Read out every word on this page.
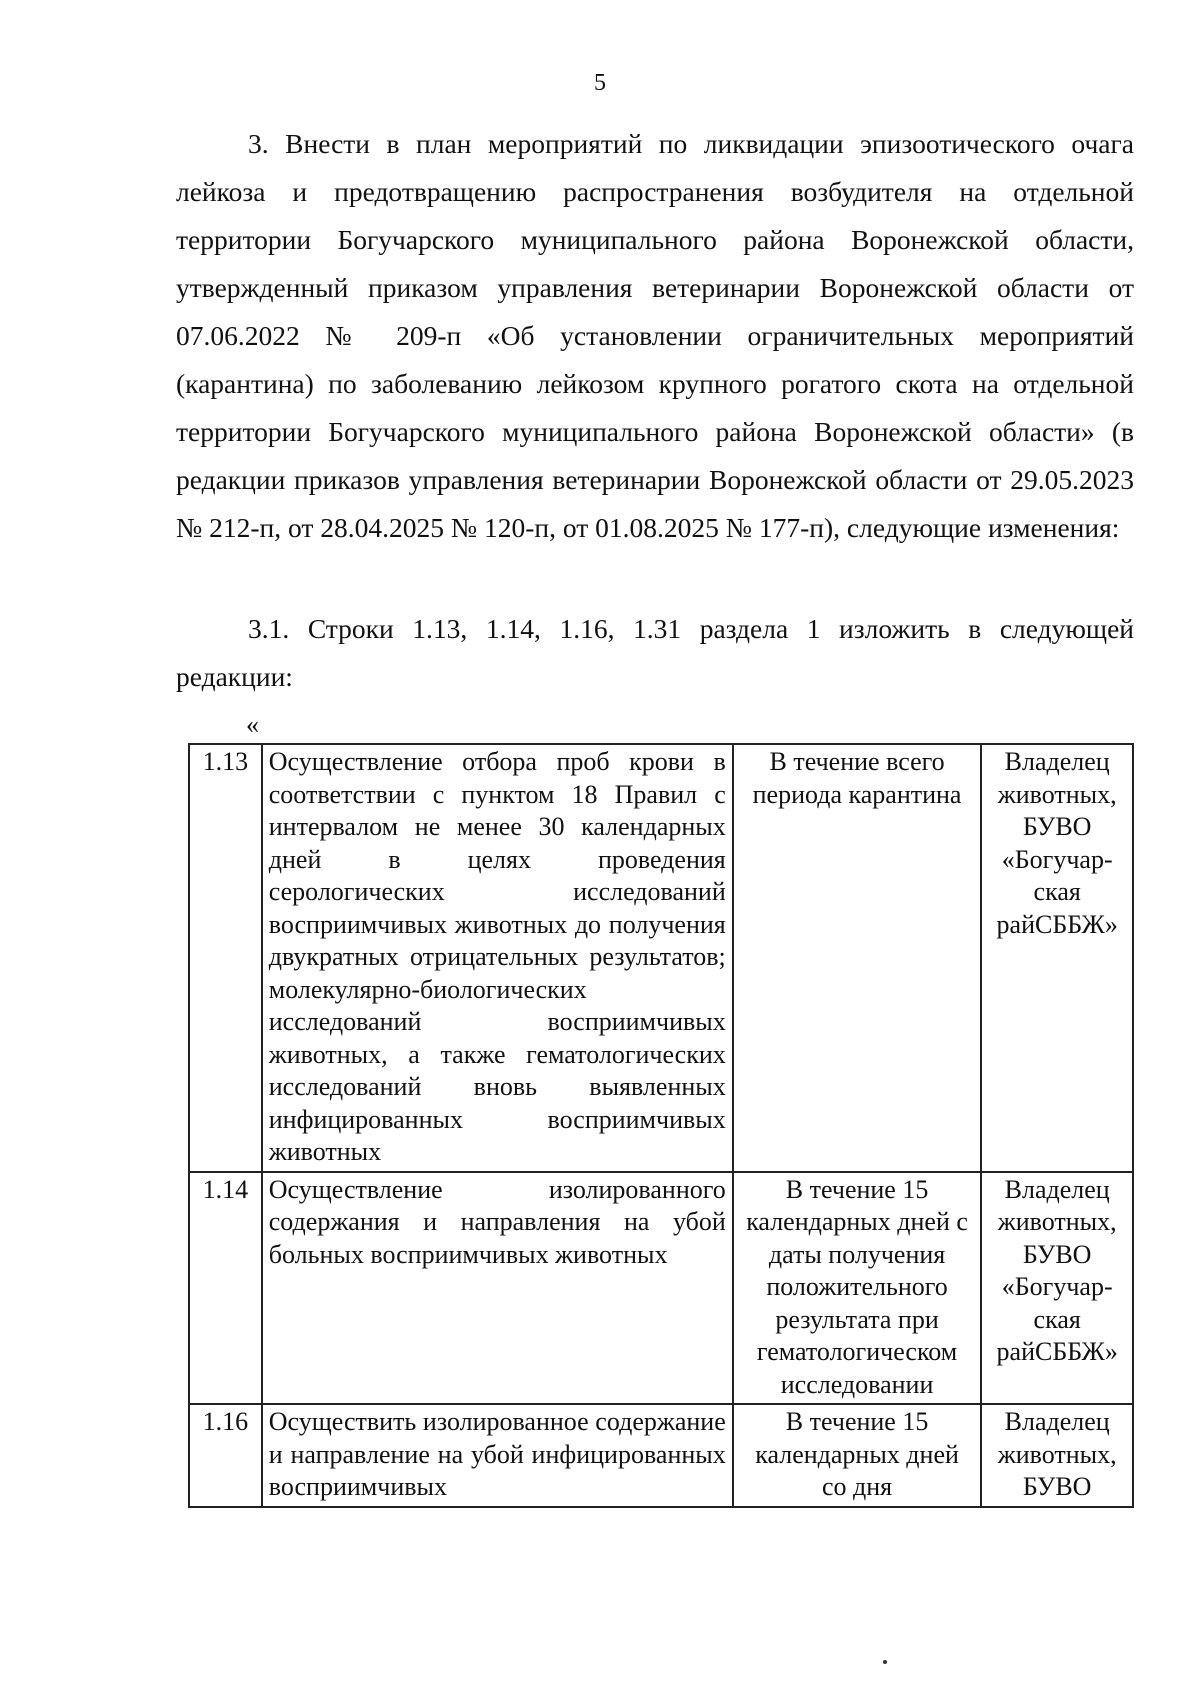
5

3. Внести в план мероприятий по ликвидации эпизоотического очага лейкоза и предотвращению распространения возбудителя на отдельной территории Богучарского муниципального района Воронежской области, утвержденный приказом управления ветеринарии Воронежской области от 07.06.2022 № 209-п «Об установлении ограничительных мероприятий (карантина) по заболеванию лейкозом крупного рогатого скота на отдельной территории Богучарского муниципального района Воронежской области» (в редакции приказов управления ветеринарии Воронежской области от 29.05.2023 № 212-п, от 28.04.2025 № 120-п, от 01.08.2025 № 177-п), следующие изменения:

3.1. Строки 1.13, 1.14, 1.16, 1.31 раздела 1 изложить в следующей редакции:

«
1.13	Осуществление отбора проб крови в соответствии с пунктом 18 Правил с интервалом не менее 30 календарных дней в целях проведения серологических исследований восприимчивых животных до получения двукратных отрицательных результатов; молекулярно-биологических исследований восприимчивых животных, а также гематологических исследований вновь выявленных инфицированных восприимчивых животных	В течение всего периода карантина	Владелец животных, БУВО «Богучар-ская райСББЖ»
1.14	Осуществление изолированного содержания и направления на убой больных восприимчивых животных	В течение 15 календарных дней с даты получения положительного результата при гематологическом исследовании	Владелец животных, БУВО «Богучар-ская райСББЖ»
1.16	Осуществить изолированное содержание и направление на убой инфицированных восприимчивых	В течение 15 календарных дней со дня	Владелец животных, БУВО
